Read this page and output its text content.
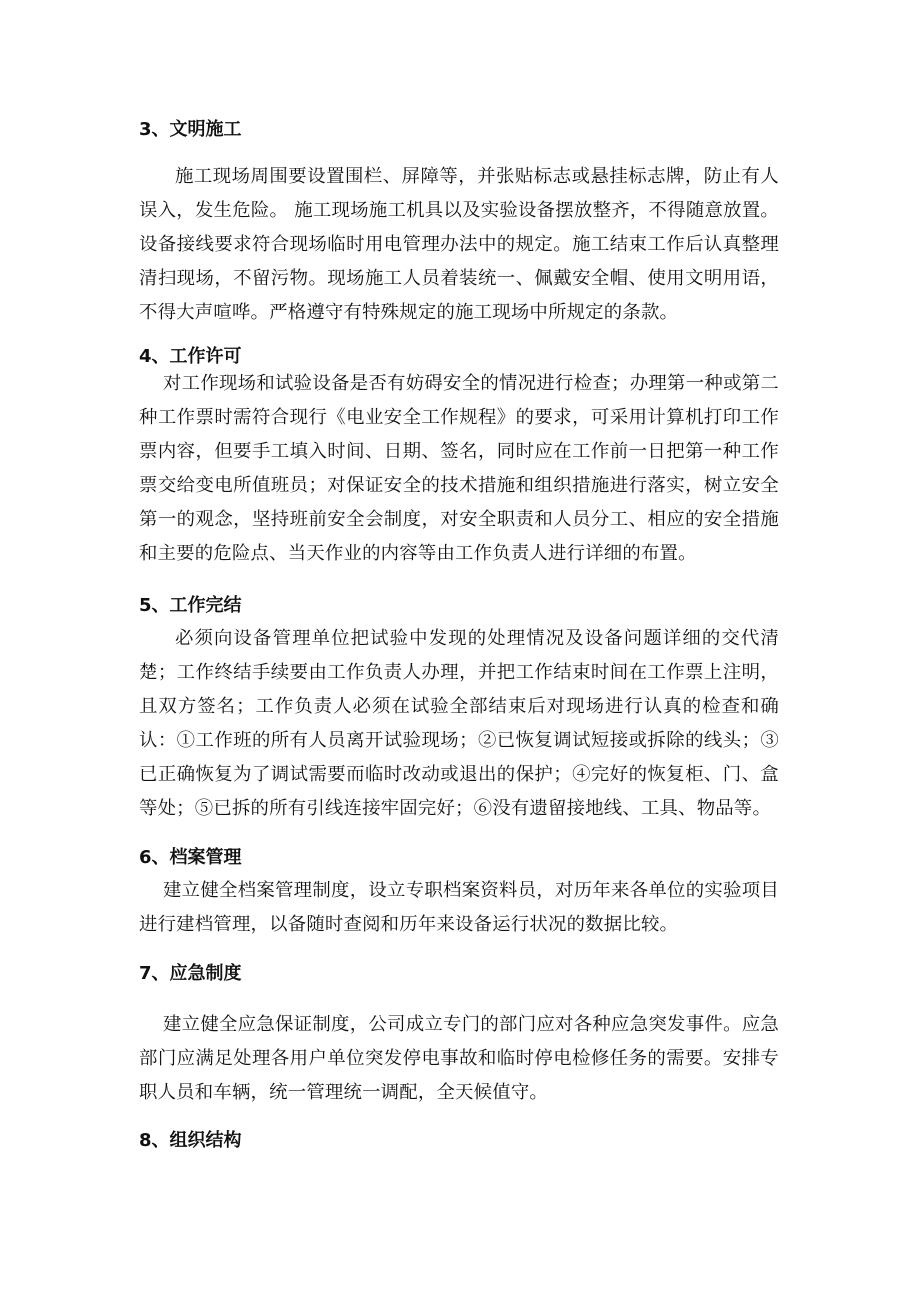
3、文明施工

施工现场周围要设置围栏、屏障等，并张贴标志或悬挂标志牌，防止有人误入，发生危险。 施工现场施工机具以及实验设备摆放整齐，不得随意放置。设备接线要求符合现场临时用电管理办法中的规定。施工结束工作后认真整理清扫现场，不留污物。现场施工人员着装统一、佩戴安全帽、使用文明用语，不得大声喧哗。严格遵守有特殊规定的施工现场中所规定的条款。

4、工作许可

对工作现场和试验设备是否有妨碍安全的情况进行检查；办理第一种或第二种工作票时需符合现行《电业安全工作规程》的要求，可采用计算机打印工作票内容，但要手工填入时间、日期、签名，同时应在工作前一日把第一种工作票交给变电所值班员；对保证安全的技术措施和组织措施进行落实，树立安全第一的观念，坚持班前安全会制度，对安全职责和人员分工、相应的安全措施和主要的危险点、当天作业的内容等由工作负责人进行详细的布置。

5、工作完结

必须向设备管理单位把试验中发现的处理情况及设备问题详细的交代清楚；工作终结手续要由工作负责人办理，并把工作结束时间在工作票上注明，且双方签名；工作负责人必须在试验全部结束后对现场进行认真的检查和确认：①工作班的所有人员离开试验现场；②已恢复调试短接或拆除的线头；③已正确恢复为了调试需要而临时改动或退出的保护；④完好的恢复柜、门、盒等处；⑤已拆的所有引线连接牢固完好；⑥没有遗留接地线、工具、物品等。

6、档案管理

建立健全档案管理制度，设立专职档案资料员，对历年来各单位的实验项目进行建档管理，以备随时查阅和历年来设备运行状况的数据比较。

7、应急制度

建立健全应急保证制度，公司成立专门的部门应对各种应急突发事件。应急部门应满足处理各用户单位突发停电事故和临时停电检修任务的需要。安排专职人员和车辆，统一管理统一调配，全天候值守。

8、组织结构
